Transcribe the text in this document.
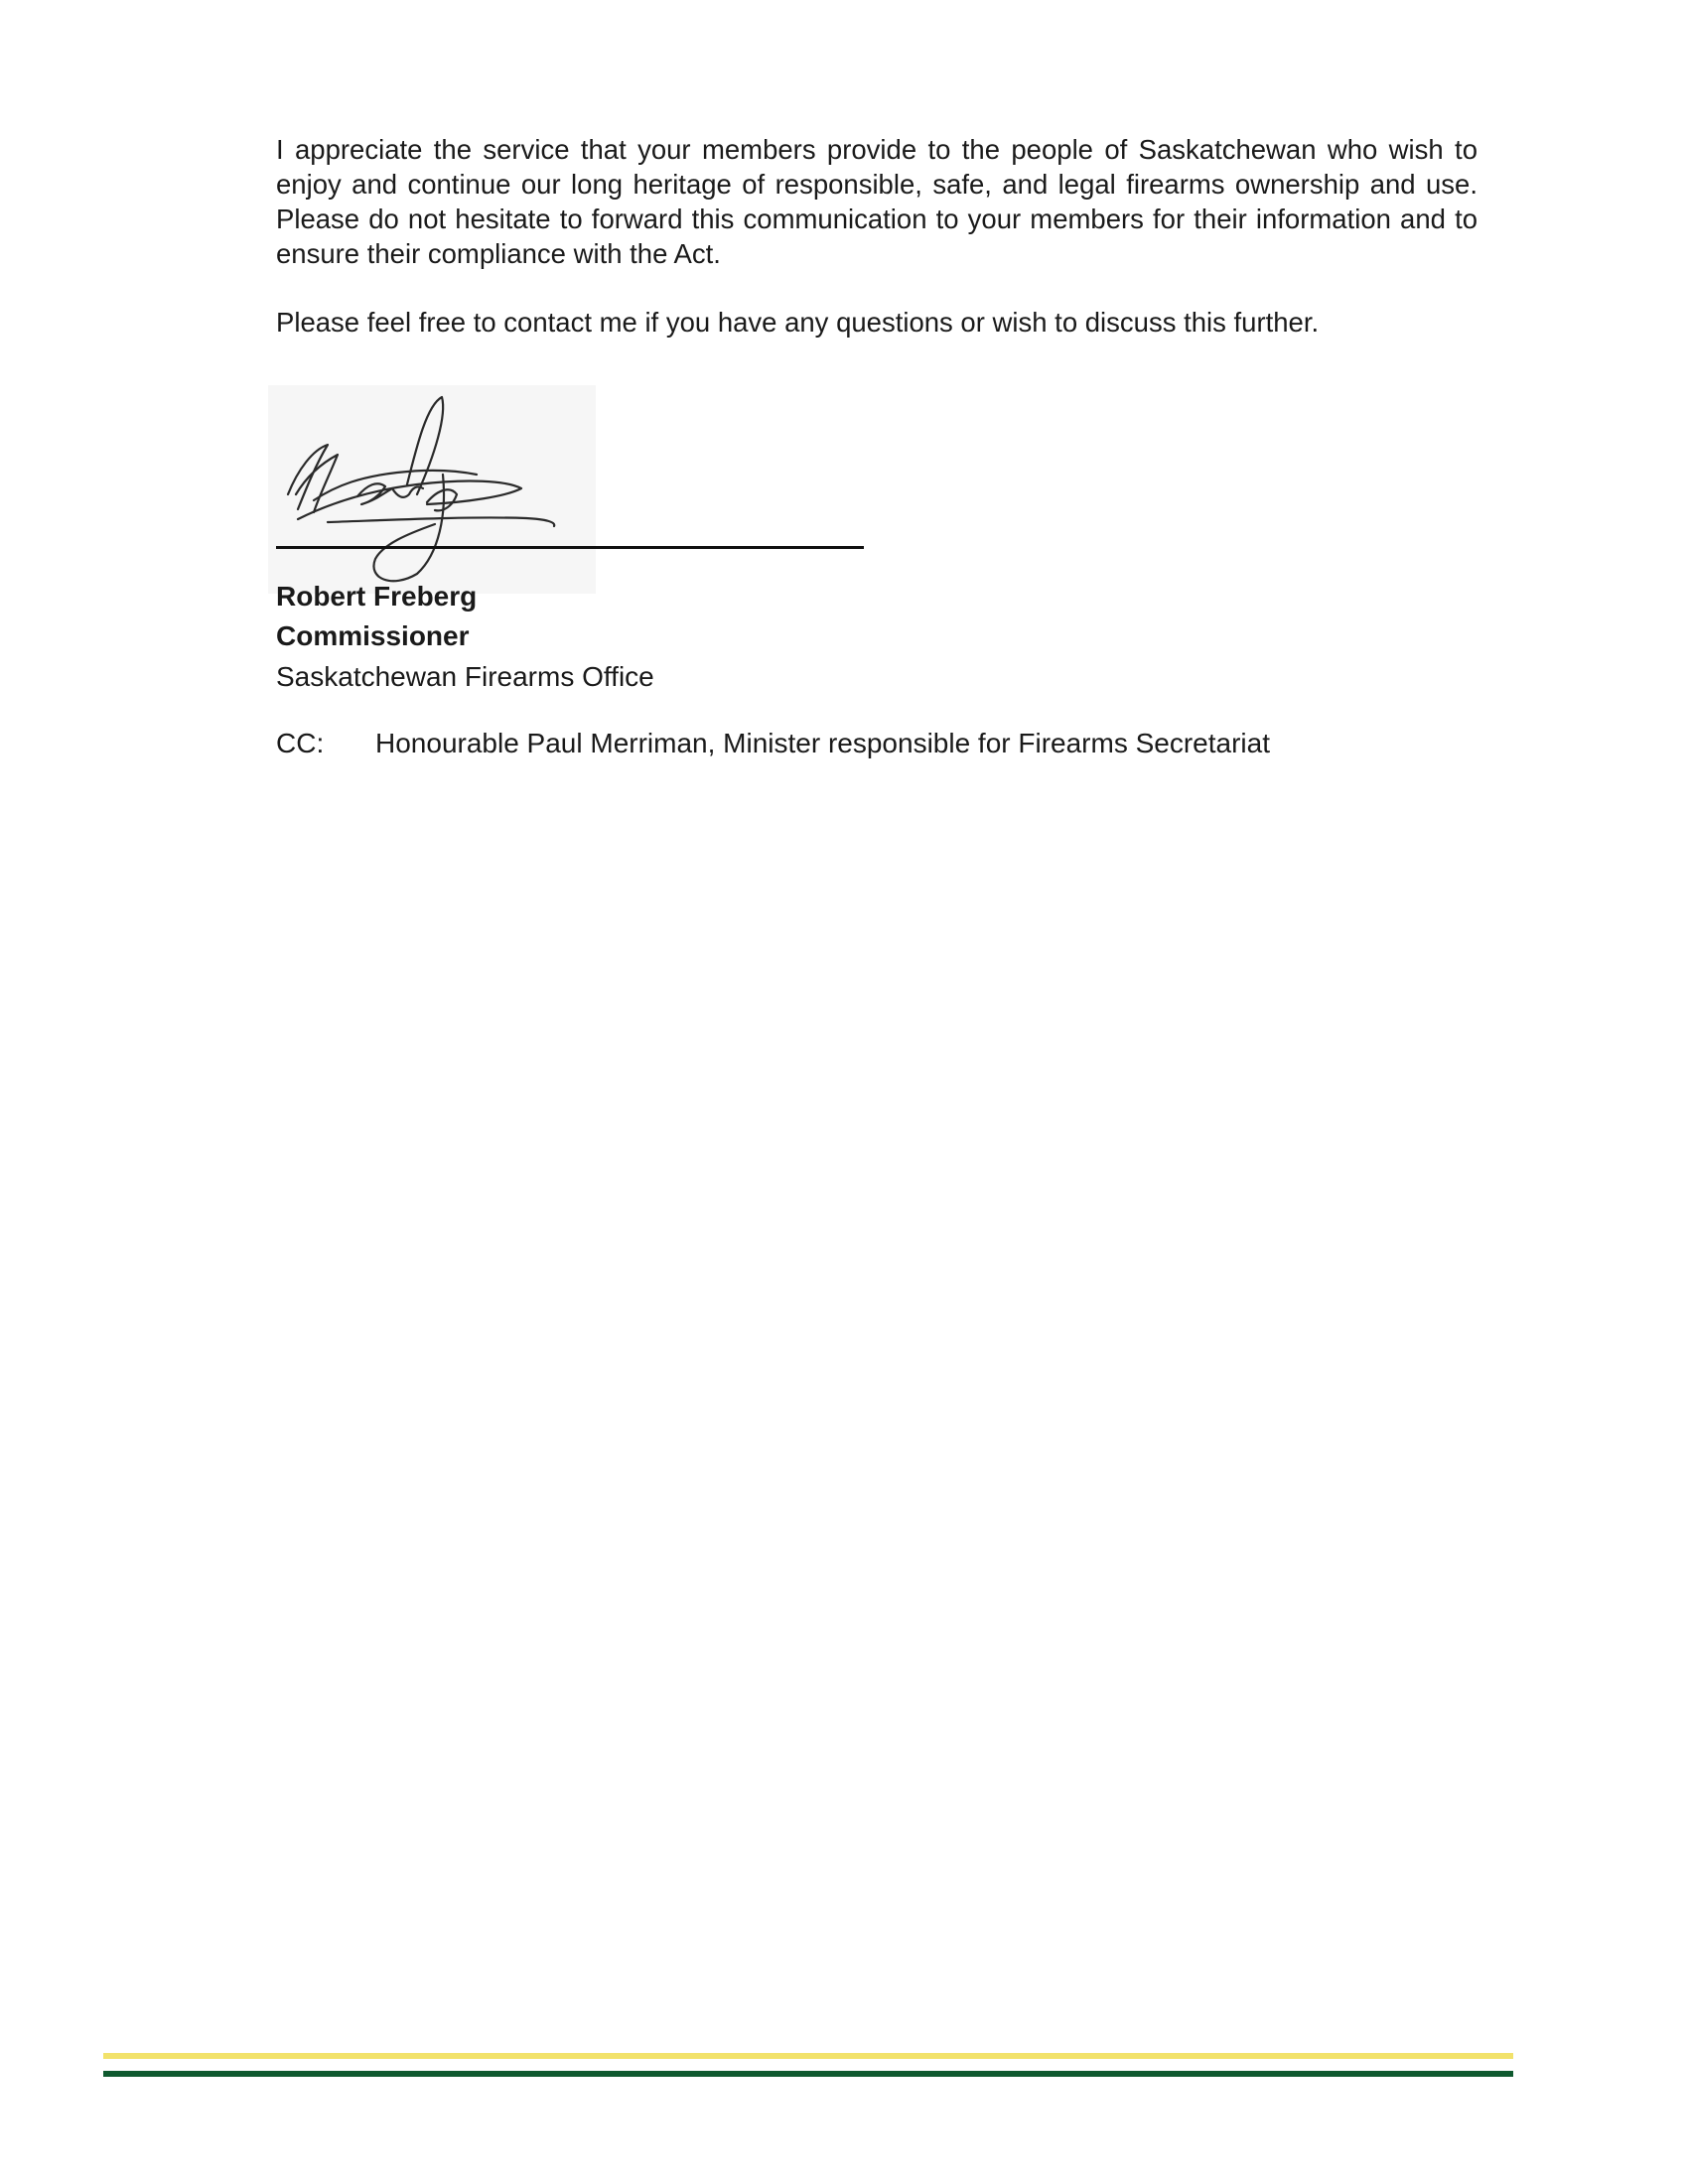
I appreciate the service that your members provide to the people of Saskatchewan who wish to enjoy and continue our long heritage of responsible, safe, and legal firearms ownership and use. Please do not hesitate to forward this communication to your members for their information and to ensure their compliance with the Act.

Please feel free to contact me if you have any questions or wish to discuss this further.

Robert Freberg

Commissioner

Saskatchewan Firearms Office

CC: Honourable Paul Merriman, Minister responsible for Firearms Secretariat
